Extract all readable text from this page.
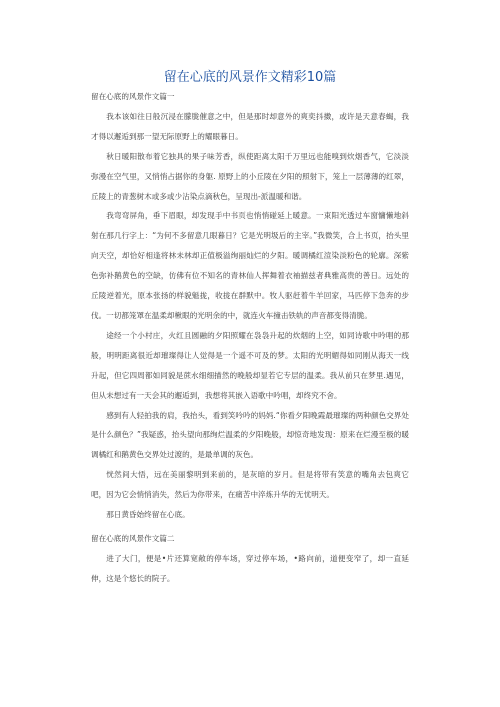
留在心底的风景作文精彩10篇

留在心底的风景作文篇一

我本该如往日般沉浸在朦胧催意之中，但是那时却意外的爽奕抖擞，或许是天意春蝎，我才得以邂逅到那一望无际原野上的耀眼暮日。

秋日暖阳散布着它独具的果子味芳香，纵使距离太阳千万里远也能嗅到炊烟香气，它淡淡弥漫在空气里，又悄悄占据你的身躯. 原野上的小丘陵在夕阳的照射下，笼上一层薄薄的红翠，丘陵上的青葱树木或多或少沾染点滴秋色，呈现出-派温暖和谐。

我弯弯屏角，垂下眉眼，却发现手中书页也悄悄碰延上暖意。一束阳光透过车窗慵懒地斜射在那几行字上：“为何不多留意几眼暮日？它是光明圾后的主宰。”我微笑，合上书页，抬头里向天空，却恰好相逢将林未林却正值极溢绚丽灿烂的夕阳。暖调橘红渲染淡粉色的轮廓。深紫色弥补鹅黄色的空缺，仿佛有位不知名的青林仙人挥舞着衣袖描兹者典雅高贵的善日。远处的丘陵逆着光，原本张扬的样貌魁拢，收拢在群默中。牧人驱赶着牛羊回家，马匹停下急奔的步伐。一切都笼罩在温柔却楸眼的光明余的中，就连火车撞击铁轨的声音都变得清脆。

途经一个小村庄，火红且圆融的夕阳照耀在袅袅升起的炊烟的上空，如同诗歌中吟唱的那般，明明距离很近却璀璨得让人觉得是一个遥不可及的梦。太阳的光明媚得如同刚从海天一线升起，但它四周都如同貌是蔗水细细描然的晚般却显若它专层的温柔。我从前只在梦里.遇见，但从未想过有一天会其的邂逅到，我想将其嵌入语歌中吟唱，却终究不舍。

感到有人轻拍我的肩，我抬头，看到笑吟吟的妈妈.“你看夕阳晚霞最璀璨的两种颜色交界处是什么颜色？”我疑惑，抬头望向那绚烂温柔的夕阳晚般，却惊奇地发现：原来在烂漫至极的暖调橘红和鹅黄色交界处过渡的，是最单调的灰色。

恍然间大悟，远在美丽黎明到来前的，是灰暗的岁月。但是将带有笑意的嘴角去包爽它吧，因为它会悄悄消失，然后为你带来，在痛苦中淬炼升华的无忧明天。

那日黄昏始终留在心底。

留在心底的风景作文篇二

进了大门，便是•片还算宽敞的停车场，穿过停车场，•路向前，道便变窄了，却一直延伸，这是个悠长的院子。
